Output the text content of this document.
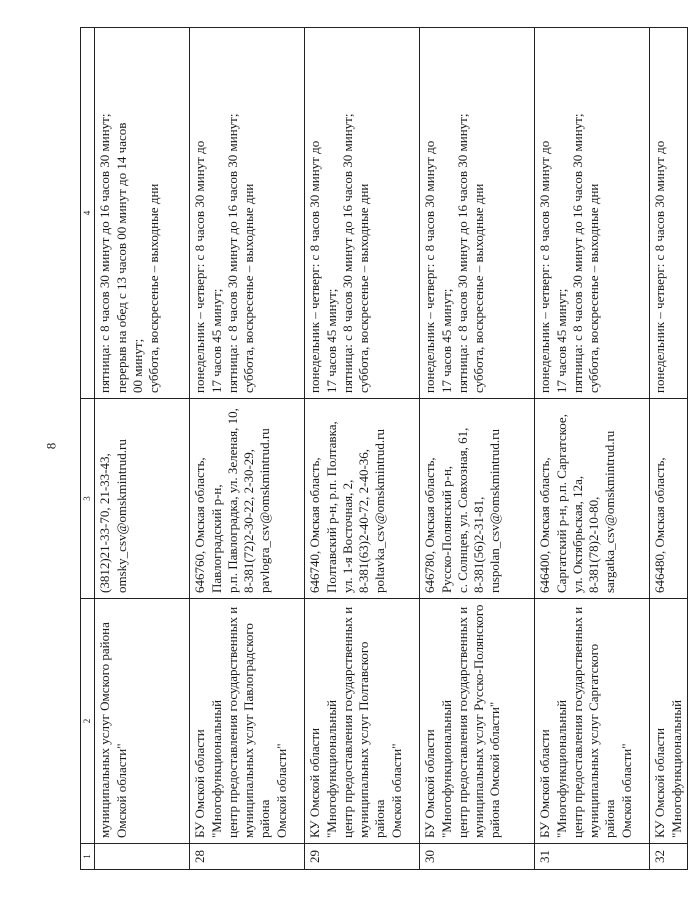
8
1	2	3	4

	муниципальных услуг Омского района Омской области"	(3812)21-33-70, 21-33-43, omsky_csv@omskmintrud.ru	пятница: с 8 часов 30 минут до 16 часов 30 минут; перерыв на обед с 13 часов 00 минут до 14 часов 00 минут; суббота, воскресенье – выходные дни

28	БУ Омской области "Многофункциональный центр предоставления государственных и муниципальных услуг Павлоградского района Омской области"	646760, Омская область, Павлоградский р-н, р.п. Павлоградка, ул. Зеленая, 10, 8-381(72)2-30-22, 2-30-29, pavlogra_csv@omskmintrud.ru	понедельник – четверг: с 8 часов 30 минут до 17 часов 45 минут; пятница: с 8 часов 30 минут до 16 часов 30 минут; суббота, воскресенье – выходные дни

29	КУ Омской области "Многофункциональный центр предоставления государственных и муниципальных услуг Полтавского района Омской области"	646740, Омская область, Полтавский р-н, р.п. Полтавка, ул. 1-я Восточная, 2, 8-381(63)2-40-72, 2-40-36, poltavka_csv@omskmintrud.ru	понедельник – четверг: с 8 часов 30 минут до 17 часов 45 минут; пятница: с 8 часов 30 минут до 16 часов 30 минут; суббота, воскресенье – выходные дни

30	БУ Омской области "Многофункциональный центр предоставления государственных и муниципальных услуг Русско-Полянского района Омской области"	646780, Омская область, Русско-Полянский р-н, с. Солнцев, ул. Совхозная, 61, 8-381(56)2-31-81, ruspolan_csv@omskmintrud.ru	понедельник – четверг: с 8 часов 30 минут до 17 часов 45 минут; пятница: с 8 часов 30 минут до 16 часов 30 минут; суббота, воскресенье – выходные дни

31	БУ Омской области "Многофункциональный центр предоставления государственных и муниципальных услуг Саргатского района Омской области"	646400, Омская область, Саргатский р-н, р.п. Саргатское, ул. Октябрьская, 12а, 8-381(78)2-10-80, sargatka_csv@omskmintrud.ru	понедельник – четверг: с 8 часов 30 минут до 17 часов 45 минут; пятница: с 8 часов 30 минут до 16 часов 30 минут; суббота, воскресенье – выходные дни

32	КУ Омской области "Многофункциональный	646480, Омская область,	понедельник – четверг: с 8 часов 30 минут до
